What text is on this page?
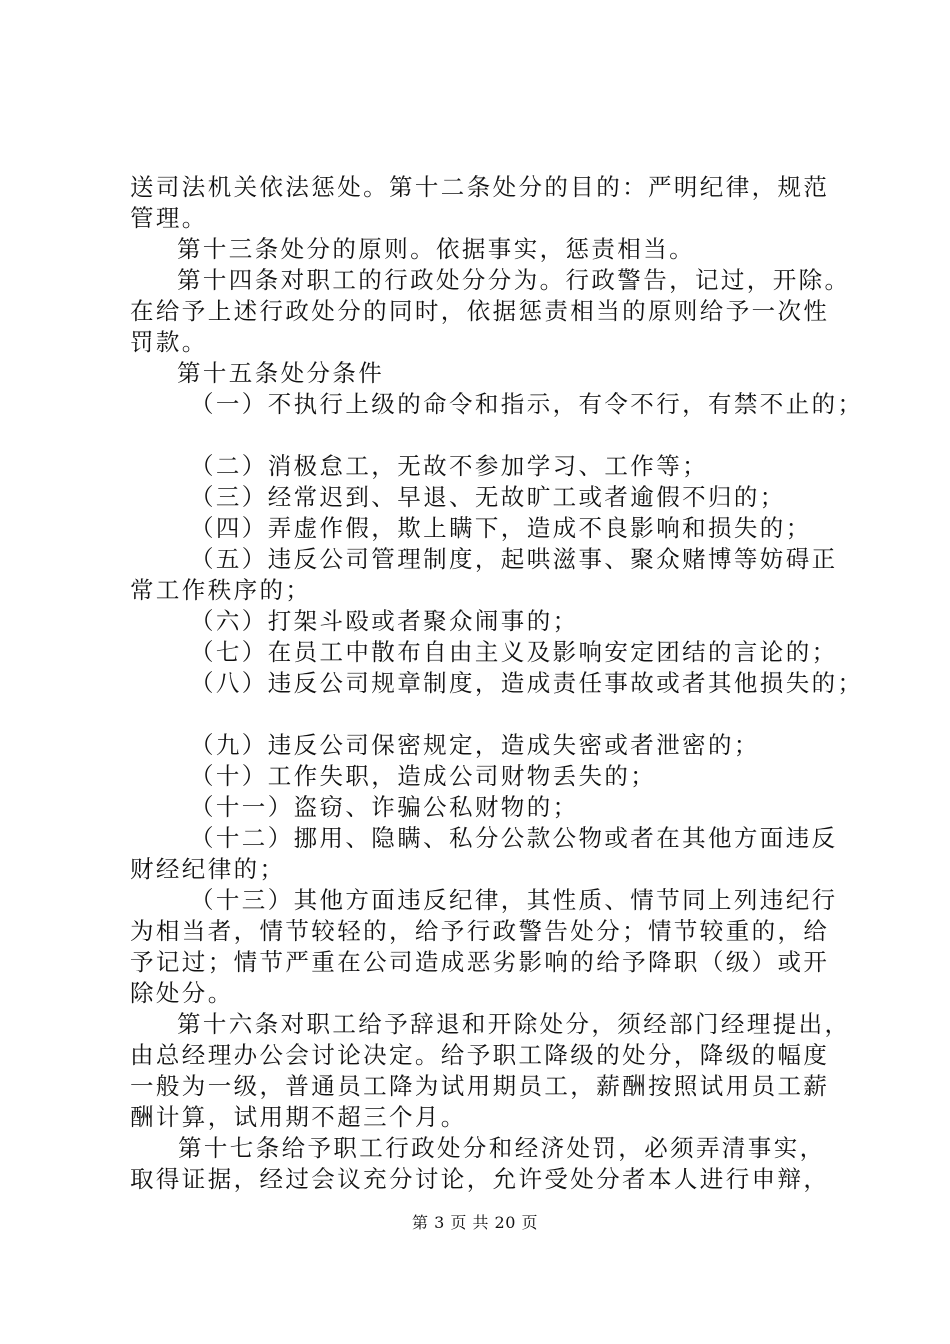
送司法机关依法惩处。第十二条处分的目的：严明纪律，规范
管理。
第十三条处分的原则。依据事实，惩责相当。
第十四条对职工的行政处分分为。行政警告，记过，开除。
在给予上述行政处分的同时，依据惩责相当的原则给予一次性
罚款。
第十五条处分条件
（一）不执行上级的命令和指示，有令不行，有禁不止的；
（二）消极怠工，无故不参加学习、工作等；
（三）经常迟到、早退、无故旷工或者逾假不归的；
（四）弄虚作假，欺上瞒下，造成不良影响和损失的；
（五）违反公司管理制度，起哄滋事、聚众赌博等妨碍正
常工作秩序的；
（六）打架斗殴或者聚众闹事的；
（七）在员工中散布自由主义及影响安定团结的言论的；
（八）违反公司规章制度，造成责任事故或者其他损失的；
（九）违反公司保密规定，造成失密或者泄密的；
（十）工作失职，造成公司财物丢失的；
（十一）盗窃、诈骗公私财物的；
（十二）挪用、隐瞒、私分公款公物或者在其他方面违反
财经纪律的；
（十三）其他方面违反纪律，其性质、情节同上列违纪行
为相当者，情节较轻的，给予行政警告处分；情节较重的，给
予记过；情节严重在公司造成恶劣影响的给予降职（级）或开
除处分。
第十六条对职工给予辞退和开除处分，须经部门经理提出，
由总经理办公会讨论决定。给予职工降级的处分，降级的幅度
一般为一级，普通员工降为试用期员工，薪酬按照试用员工薪
酬计算，试用期不超三个月。
第十七条给予职工行政处分和经济处罚，必须弄清事实，
取得证据，经过会议充分讨论，允许受处分者本人进行申辩，
第 3 页 共 20 页
